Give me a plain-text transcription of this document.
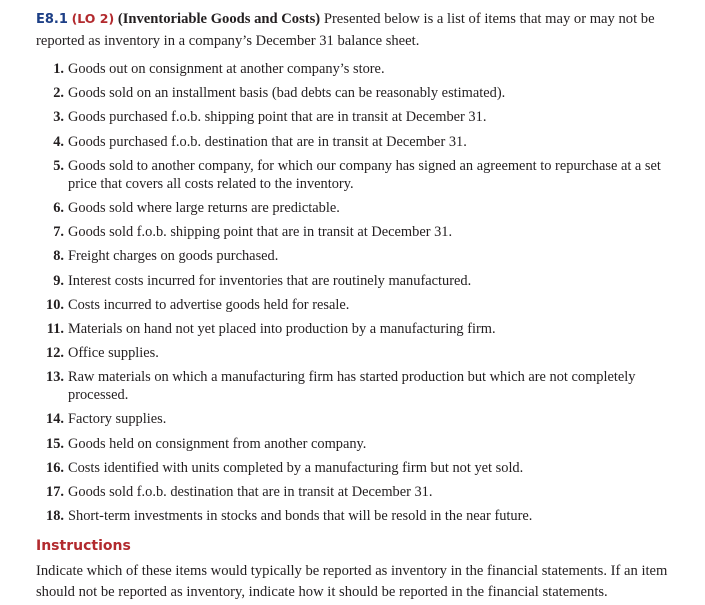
E8.1 (LO 2) (Inventoriable Goods and Costs) Presented below is a list of items that may or may not be reported as inventory in a company’s December 31 balance sheet.
1. Goods out on consignment at another company’s store.
2. Goods sold on an installment basis (bad debts can be reasonably estimated).
3. Goods purchased f.o.b. shipping point that are in transit at December 31.
4. Goods purchased f.o.b. destination that are in transit at December 31.
5. Goods sold to another company, for which our company has signed an agreement to repurchase at a set price that covers all costs related to the inventory.
6. Goods sold where large returns are predictable.
7. Goods sold f.o.b. shipping point that are in transit at December 31.
8. Freight charges on goods purchased.
9. Interest costs incurred for inventories that are routinely manufactured.
10. Costs incurred to advertise goods held for resale.
11. Materials on hand not yet placed into production by a manufacturing firm.
12. Office supplies.
13. Raw materials on which a manufacturing firm has started production but which are not completely processed.
14. Factory supplies.
15. Goods held on consignment from another company.
16. Costs identified with units completed by a manufacturing firm but not yet sold.
17. Goods sold f.o.b. destination that are in transit at December 31.
18. Short-term investments in stocks and bonds that will be resold in the near future.
Instructions
Indicate which of these items would typically be reported as inventory in the financial statements. If an item should not be reported as inventory, indicate how it should be reported in the financial statements.
